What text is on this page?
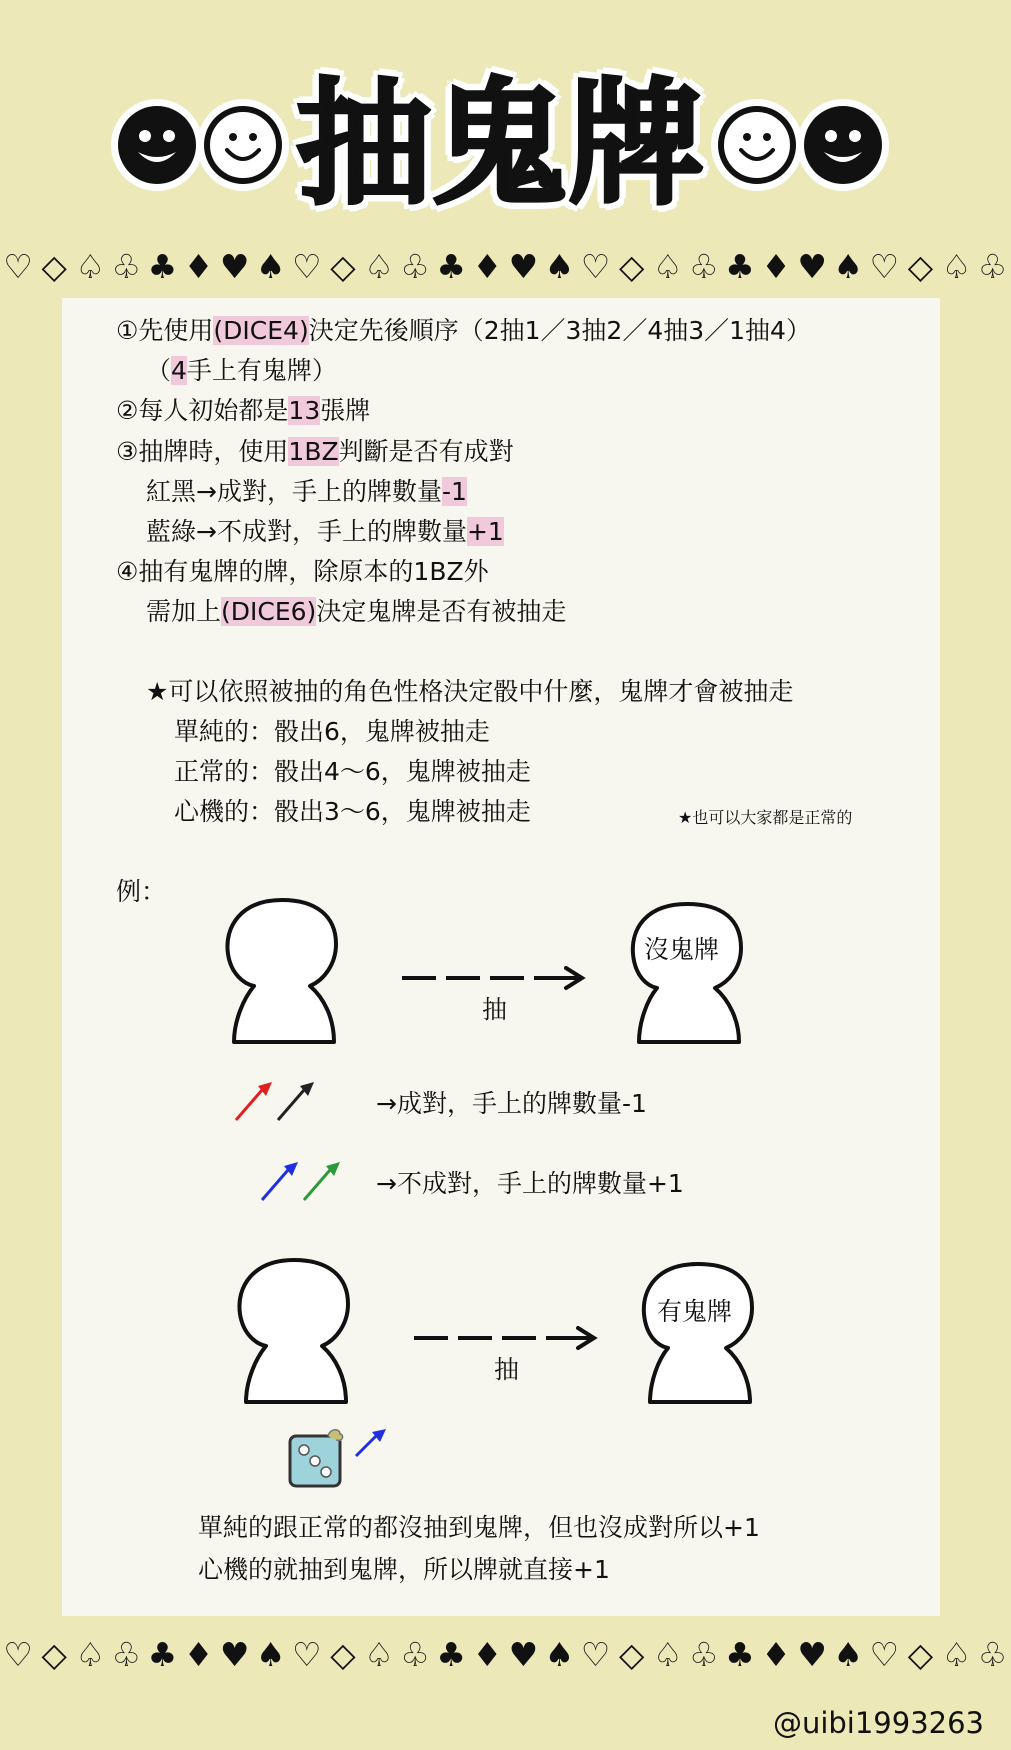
抽鬼牌
♡ ◇ ♤ ♧ ♣ ♦ ♥ ♠ ♡ ◇ ♤ ♧ ♣ ♦ ♥ ♠ ♡ ◇ ♤ ♧ ♣ ♦ ♥ ♠ ♡ ◇ ♤ ♧
♡ ◇ ♤ ♧ ♣ ♦ ♥ ♠ ♡ ◇ ♤ ♧ ♣ ♦ ♥ ♠ ♡ ◇ ♤ ♧ ♣ ♦ ♥ ♠ ♡ ◇ ♤ ♧
①先使用(DICE4)決定先後順序（2抽1／3抽2／4抽3／1抽4）
（4手上有鬼牌）
②每人初始都是13張牌
③抽牌時，使用1BZ判斷是否有成對
紅黑→成對，手上的牌數量-1
藍綠→不成對，手上的牌數量+1
④抽有鬼牌的牌，除原本的1BZ外
需加上(DICE6)決定鬼牌是否有被抽走
★可以依照被抽的角色性格決定骰中什麼，鬼牌才會被抽走
單純的：骰出6，鬼牌被抽走
正常的：骰出4〜6，鬼牌被抽走
心機的：骰出3〜6，鬼牌被抽走	★也可以大家都是正常的
例：
抽
沒鬼牌
→成對，手上的牌數量-1
→不成對，手上的牌數量+1
抽
有鬼牌
單純的跟正常的都沒抽到鬼牌，但也沒成對所以+1
心機的就抽到鬼牌，所以牌就直接+1
@uibi1993263
